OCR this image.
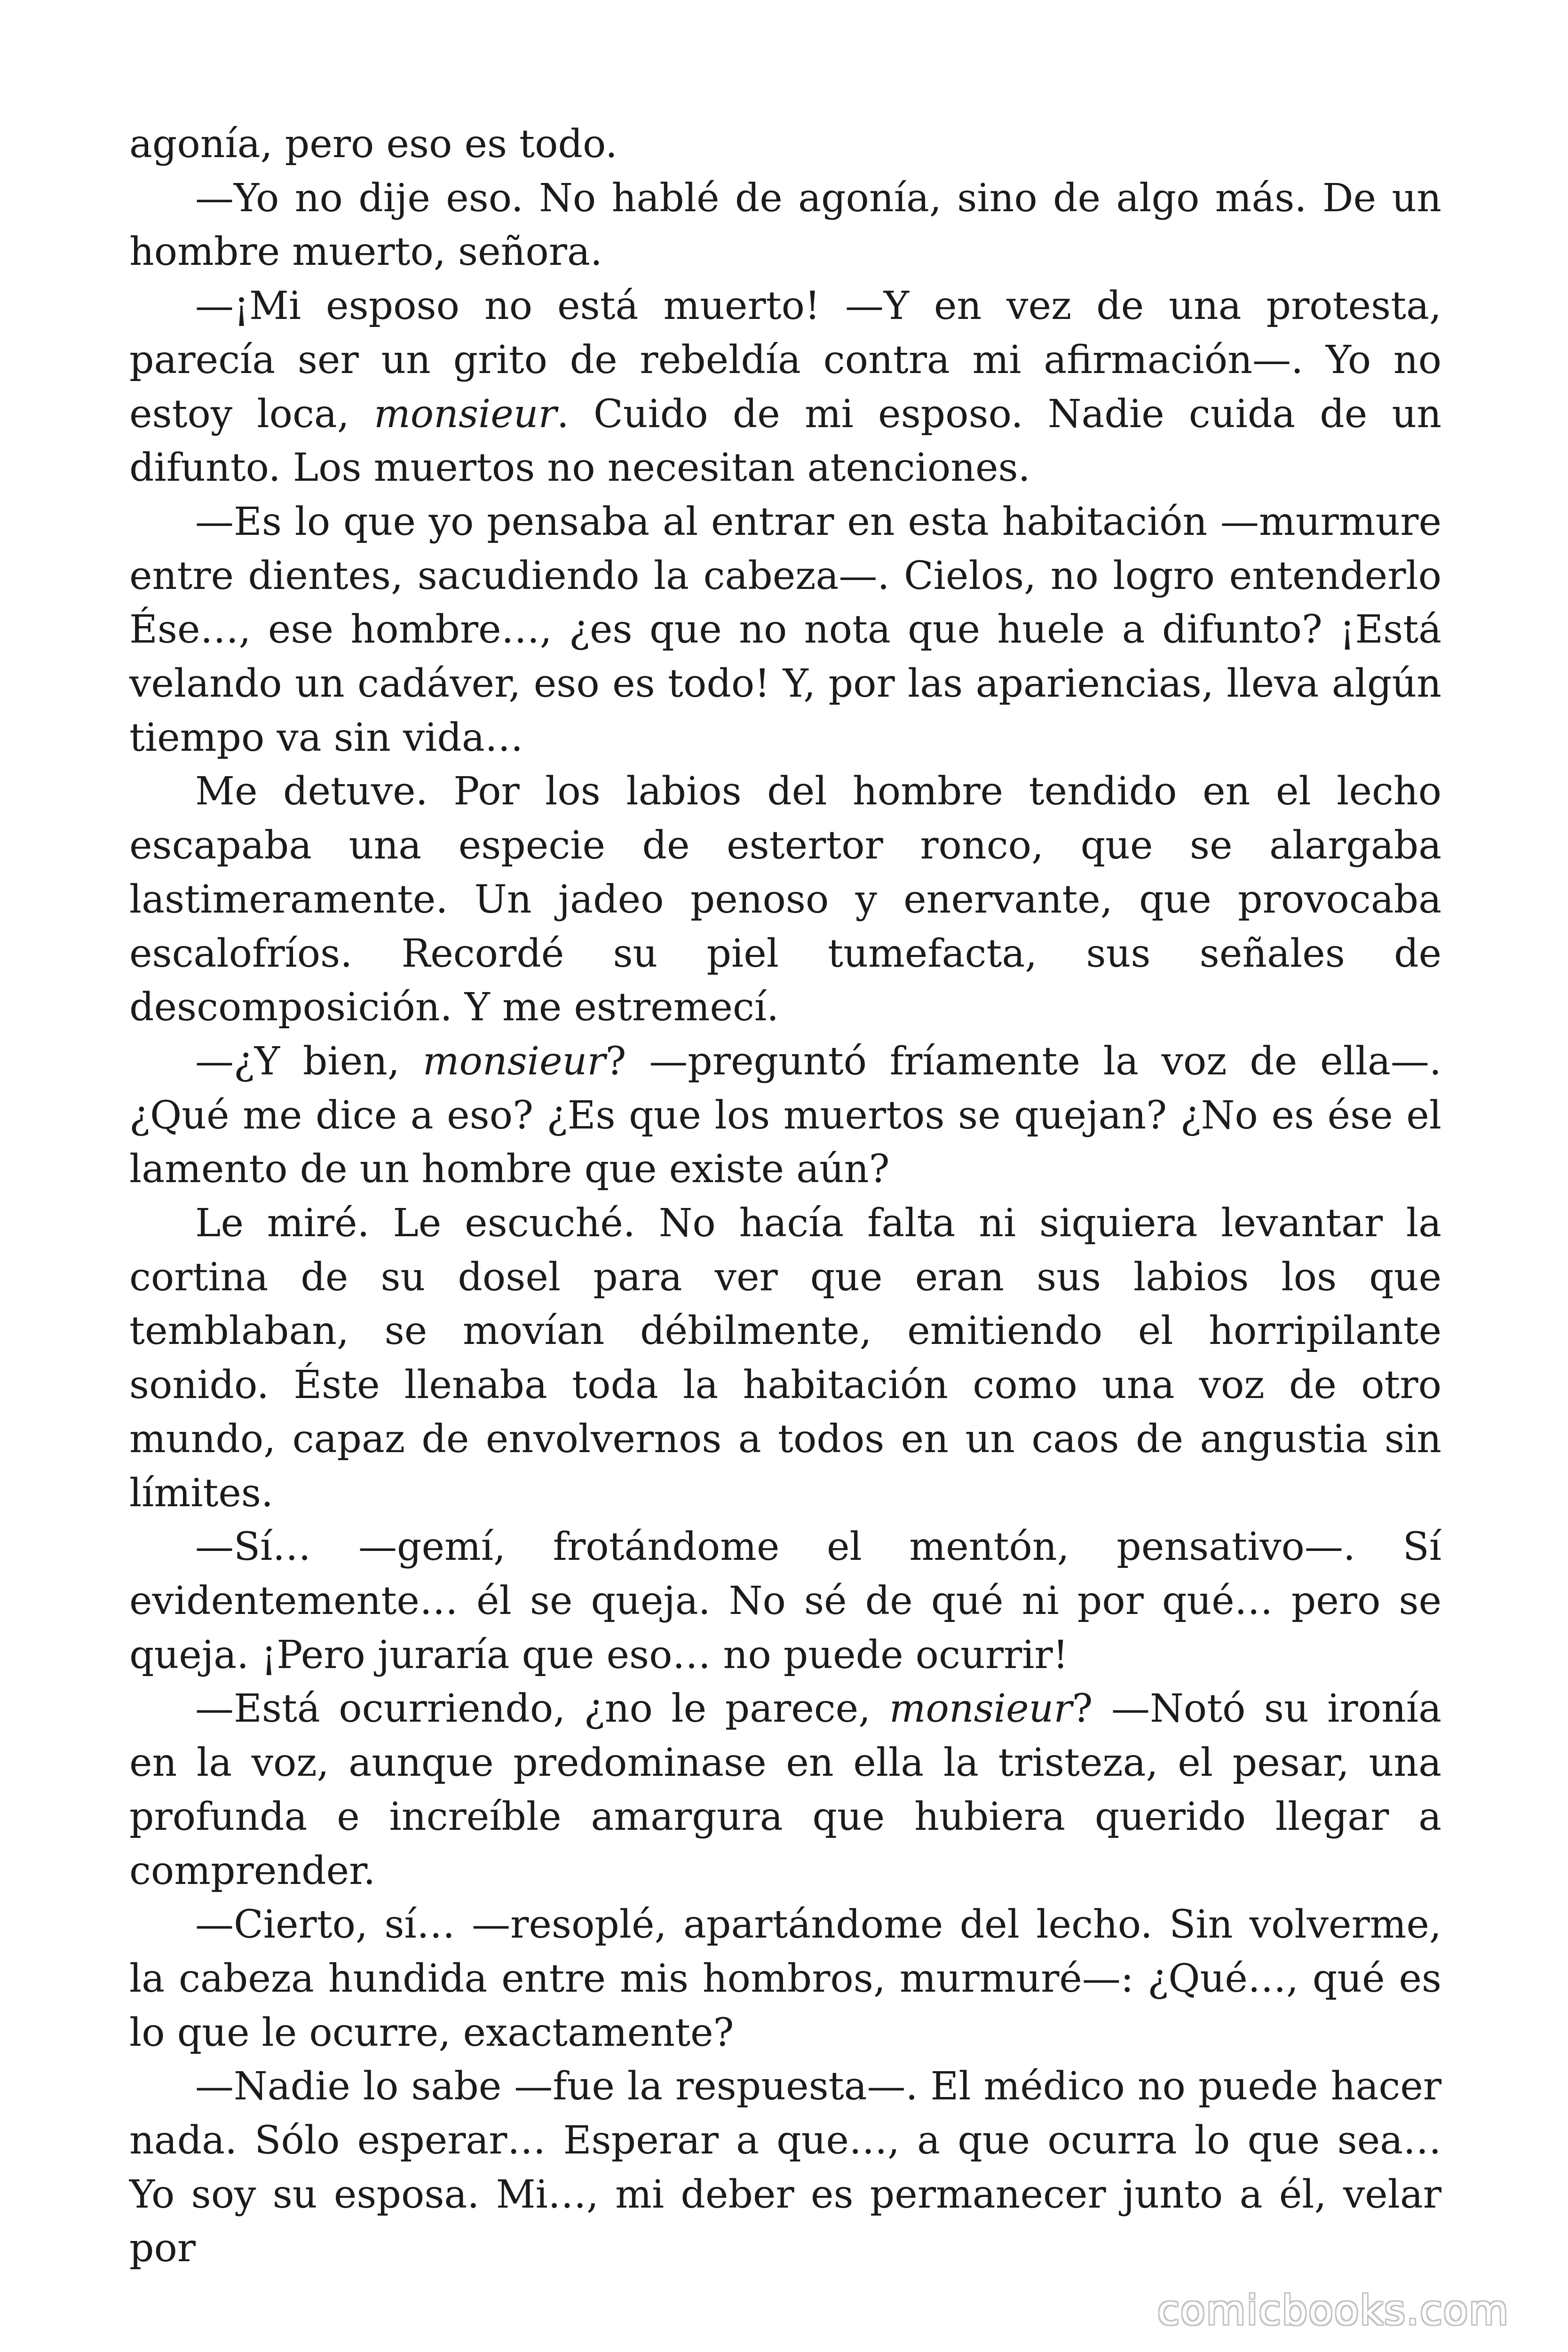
agonía, pero eso es todo.

—Yo no dije eso. No hablé de agonía, sino de algo más. De un hombre muerto, señora.

—¡Mi esposo no está muerto! —Y en vez de una protesta, parecía ser un grito de rebeldía contra mi afirmación—. Yo no estoy loca, monsieur. Cuido de mi esposo. Nadie cuida de un difunto. Los muertos no necesitan atenciones.

—Es lo que yo pensaba al entrar en esta habitación —murmure entre dientes, sacudiendo la cabeza—. Cielos, no logro entenderlo Ése…, ese hombre…, ¿es que no nota que huele a difunto? ¡Está velando un cadáver, eso es todo! Y, por las apariencias, lleva algún tiempo va sin vida…

Me detuve. Por los labios del hombre tendido en el lecho escapaba una especie de estertor ronco, que se alargaba lastimeramente. Un jadeo penoso y enervante, que provocaba escalofríos. Recordé su piel tumefacta, sus señales de descomposición. Y me estremecí.

—¿Y bien, monsieur? —preguntó fríamente la voz de ella—. ¿Qué me dice a eso? ¿Es que los muertos se quejan? ¿No es ése el lamento de un hombre que existe aún?

Le miré. Le escuché. No hacía falta ni siquiera levantar la cortina de su dosel para ver que eran sus labios los que temblaban, se movían débilmente, emitiendo el horripilante sonido. Éste llenaba toda la habitación como una voz de otro mundo, capaz de envolvernos a todos en un caos de angustia sin límites.

—Sí… —gemí, frotándome el mentón, pensativo—. Sí evidentemente… él se queja. No sé de qué ni por qué… pero se queja. ¡Pero juraría que eso… no puede ocurrir!

—Está ocurriendo, ¿no le parece, monsieur? —Notó su ironía en la voz, aunque predominase en ella la tristeza, el pesar, una profunda e increíble amargura que hubiera querido llegar a comprender.

—Cierto, sí… —resoplé, apartándome del lecho. Sin volverme, la cabeza hundida entre mis hombros, murmuré—: ¿Qué…, qué es lo que le ocurre, exactamente?

—Nadie lo sabe —fue la respuesta—. El médico no puede hacer nada. Sólo esperar… Esperar a que…, a que ocurra lo que sea… Yo soy su esposa. Mi…, mi deber es permanecer junto a él, velar por

comicbooks.com
